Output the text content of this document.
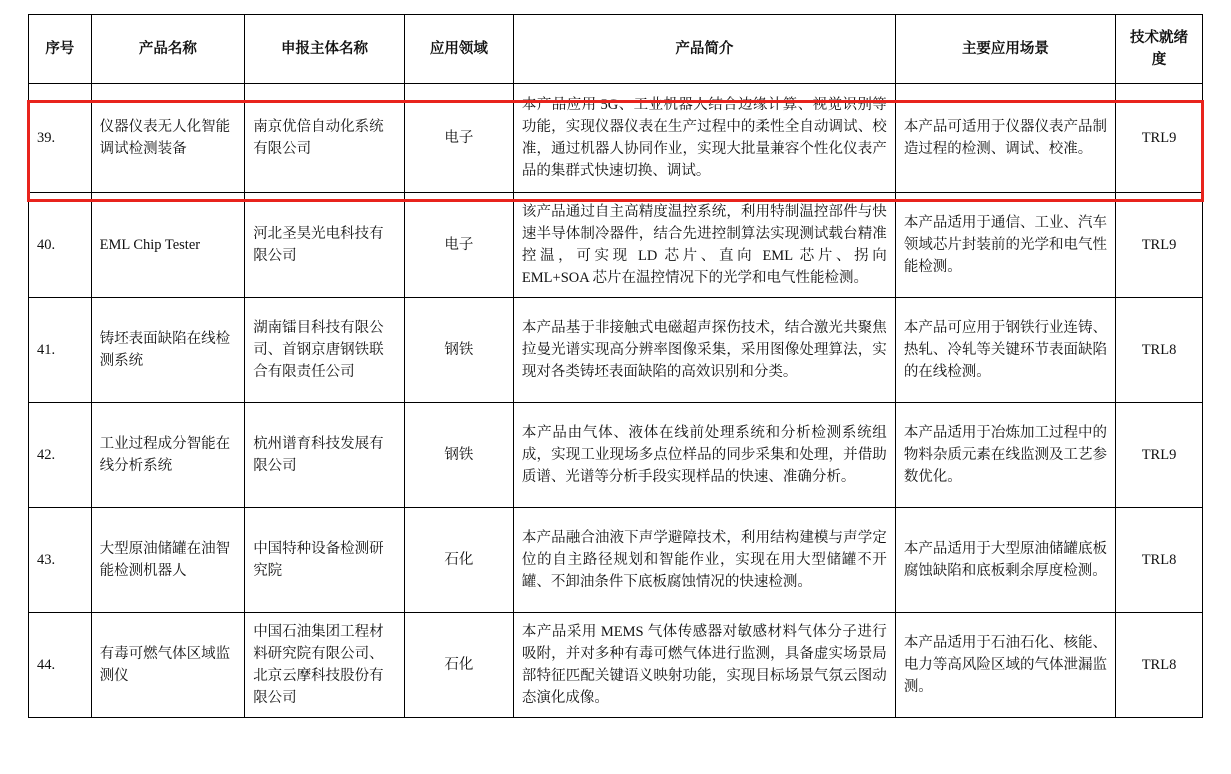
序号	产品名称	申报主体名称	应用领域	产品简介	主要应用场景	技术就绪度
39.	仪器仪表无人化智能调试检测装备	南京优倍自动化系统有限公司	电子	本产品应用 5G、工业机器人结合边缘计算、视觉识别等功能，实现仪器仪表在生产过程中的柔性全自动调试、校准，通过机器人协同作业，实现大批量兼容个性化仪表产品的集群式快速切换、调试。	本产品可适用于仪器仪表产品制造过程的检测、调试、校准。	TRL9
40.	EML Chip Tester	河北圣昊光电科技有限公司	电子	该产品通过自主高精度温控系统，利用特制温控部件与快速半导体制冷器件，结合先进控制算法实现测试载台精准控温，可实现 LD 芯片、直向 EML 芯片、拐向 EML+SOA 芯片在温控情况下的光学和电气性能检测。	本产品适用于通信、工业、汽车领域芯片封装前的光学和电气性能检测。	TRL9
41.	铸坯表面缺陷在线检测系统	湖南镭目科技有限公司、首钢京唐钢铁联合有限责任公司	钢铁	本产品基于非接触式电磁超声探伤技术，结合激光共聚焦拉曼光谱实现高分辨率图像采集，采用图像处理算法，实现对各类铸坯表面缺陷的高效识别和分类。	本产品可应用于钢铁行业连铸、热轧、冷轧等关键环节表面缺陷的在线检测。	TRL8
42.	工业过程成分智能在线分析系统	杭州谱育科技发展有限公司	钢铁	本产品由气体、液体在线前处理系统和分析检测系统组成，实现工业现场多点位样品的同步采集和处理，并借助质谱、光谱等分析手段实现样品的快速、准确分析。	本产品适用于冶炼加工过程中的物料杂质元素在线监测及工艺参数优化。	TRL9
43.	大型原油储罐在油智能检测机器人	中国特种设备检测研究院	石化	本产品融合油液下声学避障技术，利用结构建模与声学定位的自主路径规划和智能作业，实现在用大型储罐不开罐、不卸油条件下底板腐蚀情况的快速检测。	本产品适用于大型原油储罐底板腐蚀缺陷和底板剩余厚度检测。	TRL8
44.	有毒可燃气体区域监测仪	中国石油集团工程材料研究院有限公司、北京云摩科技股份有限公司	石化	本产品采用 MEMS 气体传感器对敏感材料气体分子进行吸附，并对多种有毒可燃气体进行监测，具备虚实场景局部特征匹配关键语义映射功能，实现目标场景气氛云图动态演化成像。	本产品适用于石油石化、核能、电力等高风险区域的气体泄漏监测。	TRL8
